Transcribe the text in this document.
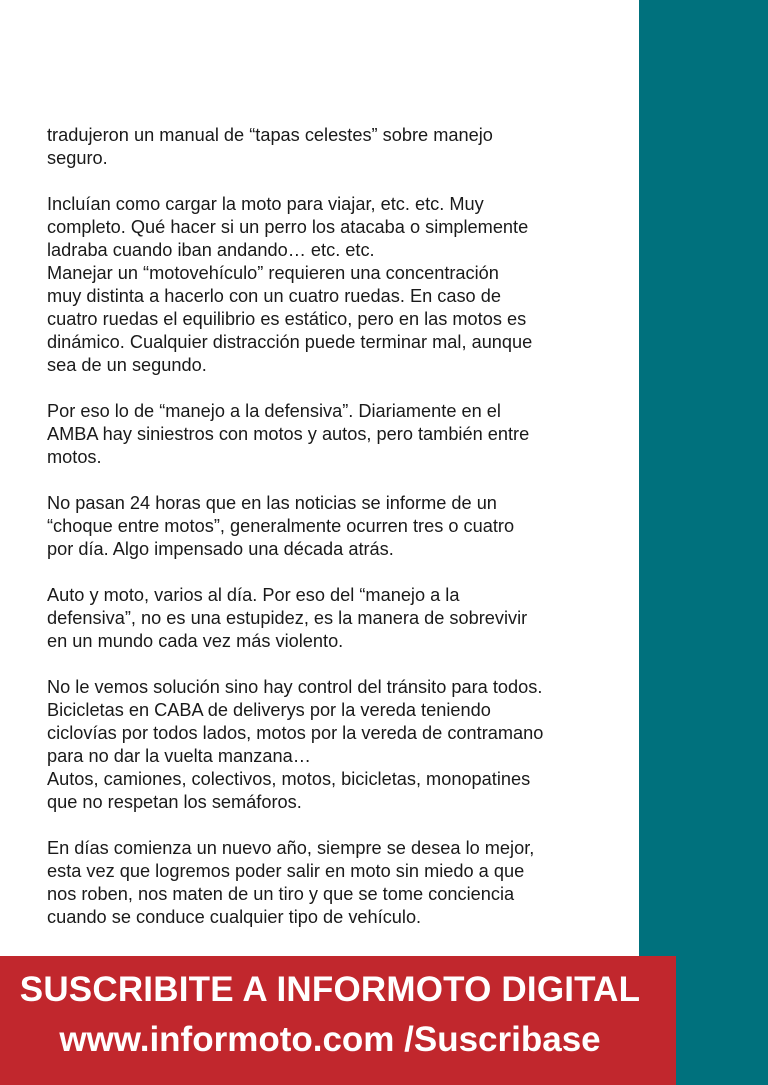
tradujeron un manual de “tapas celestes” sobre manejo
seguro.

Incluían como cargar la moto para viajar, etc. etc. Muy
completo. Qué hacer si un perro los atacaba o simplemente
ladraba cuando iban andando… etc. etc.
Manejar un “motovehículo” requieren una concentración
muy distinta a hacerlo con un cuatro ruedas. En caso de
cuatro ruedas el equilibrio es estático, pero en las motos es
dinámico. Cualquier distracción puede terminar mal, aunque
sea de un segundo.

Por eso lo de “manejo a la defensiva”. Diariamente en el
AMBA hay siniestros con motos y autos, pero también entre
motos.

No pasan 24 horas que en las noticias se informe de un
“choque entre motos”, generalmente ocurren tres o cuatro
por día. Algo impensado una década atrás.

Auto y moto, varios al día. Por eso del “manejo a la
defensiva”, no es una estupidez, es la manera de sobrevivir
en un mundo cada vez más violento.

No le vemos solución sino hay control del tránsito para todos.
Bicicletas en CABA de deliverys por la vereda teniendo
ciclovías por todos lados, motos por la vereda de contramano
para no dar la vuelta manzana…
Autos, camiones, colectivos, motos, bicicletas, monopatines
que no respetan los semáforos.

En días comienza un nuevo año, siempre se desea lo mejor,
esta vez que logremos poder salir en moto sin miedo a que
nos roben, nos maten de un tiro y que se tome conciencia
cuando se conduce cualquier tipo de vehículo.

SUSCRIBITE A INFORMOTO DIGITAL
www.informoto.com /Suscribase
